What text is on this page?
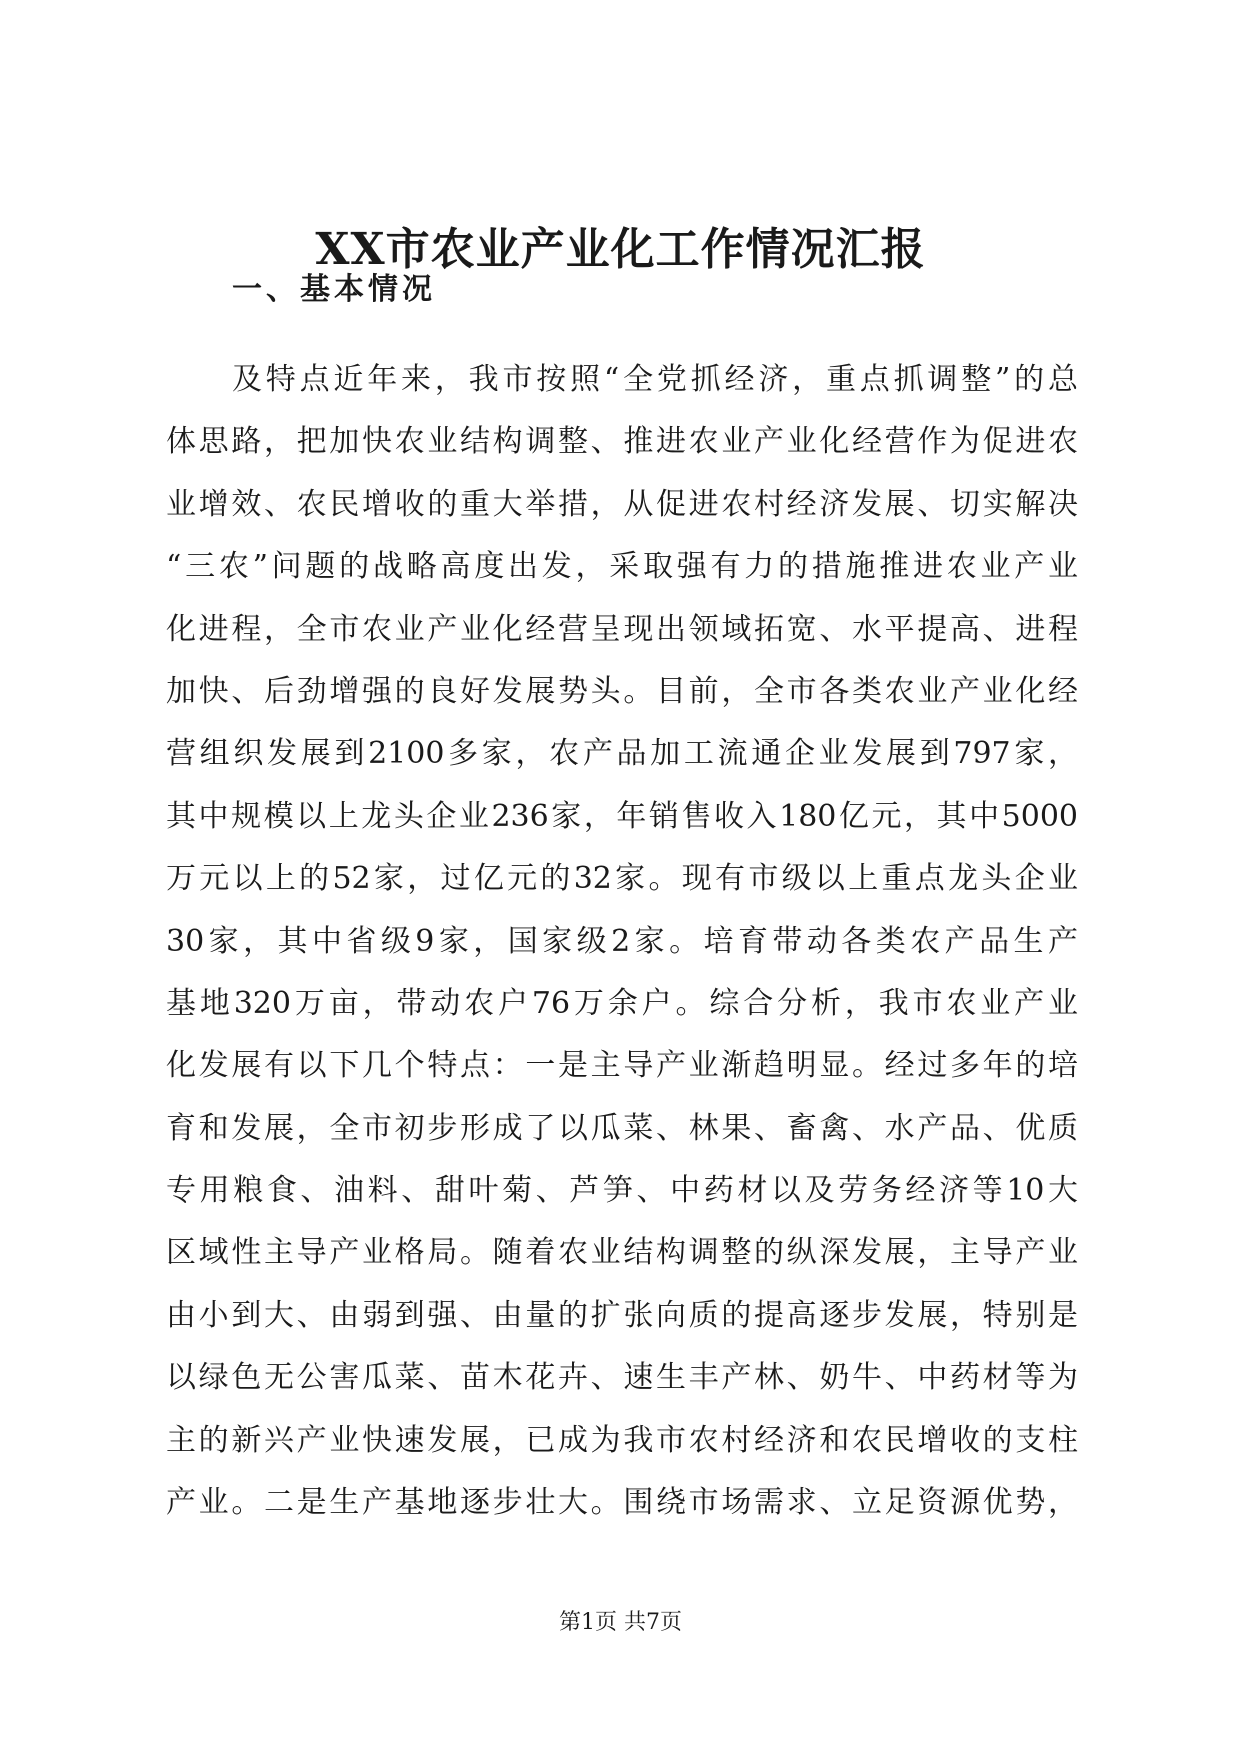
XX市农业产业化工作情况汇报
一、基本情况
及特点近年来，我市按照“全党抓经济，重点抓调整”的总
体思路，把加快农业结构调整、推进农业产业化经营作为促进农
业增效、农民增收的重大举措，从促进农村经济发展、切实解决
“三农”问题的战略高度出发，采取强有力的措施推进农业产业
化进程，全市农业产业化经营呈现出领域拓宽、水平提高、进程
加快、后劲增强的良好发展势头。目前，全市各类农业产业化经
营组织发展到2100多家，农产品加工流通企业发展到797家，
其中规模以上龙头企业236家，年销售收入180亿元，其中5000
万元以上的52家，过亿元的32家。现有市级以上重点龙头企业
30家，其中省级9家，国家级2家。培育带动各类农产品生产
基地320万亩，带动农户76万余户。综合分析，我市农业产业
化发展有以下几个特点：一是主导产业渐趋明显。经过多年的培
育和发展，全市初步形成了以瓜菜、林果、畜禽、水产品、优质
专用粮食、油料、甜叶菊、芦笋、中药材以及劳务经济等10大
区域性主导产业格局。随着农业结构调整的纵深发展，主导产业
由小到大、由弱到强、由量的扩张向质的提高逐步发展，特别是
以绿色无公害瓜菜、苗木花卉、速生丰产林、奶牛、中药材等为
主的新兴产业快速发展，已成为我市农村经济和农民增收的支柱
产业。二是生产基地逐步壮大。围绕市场需求、立足资源优势，

第1页 共7页
